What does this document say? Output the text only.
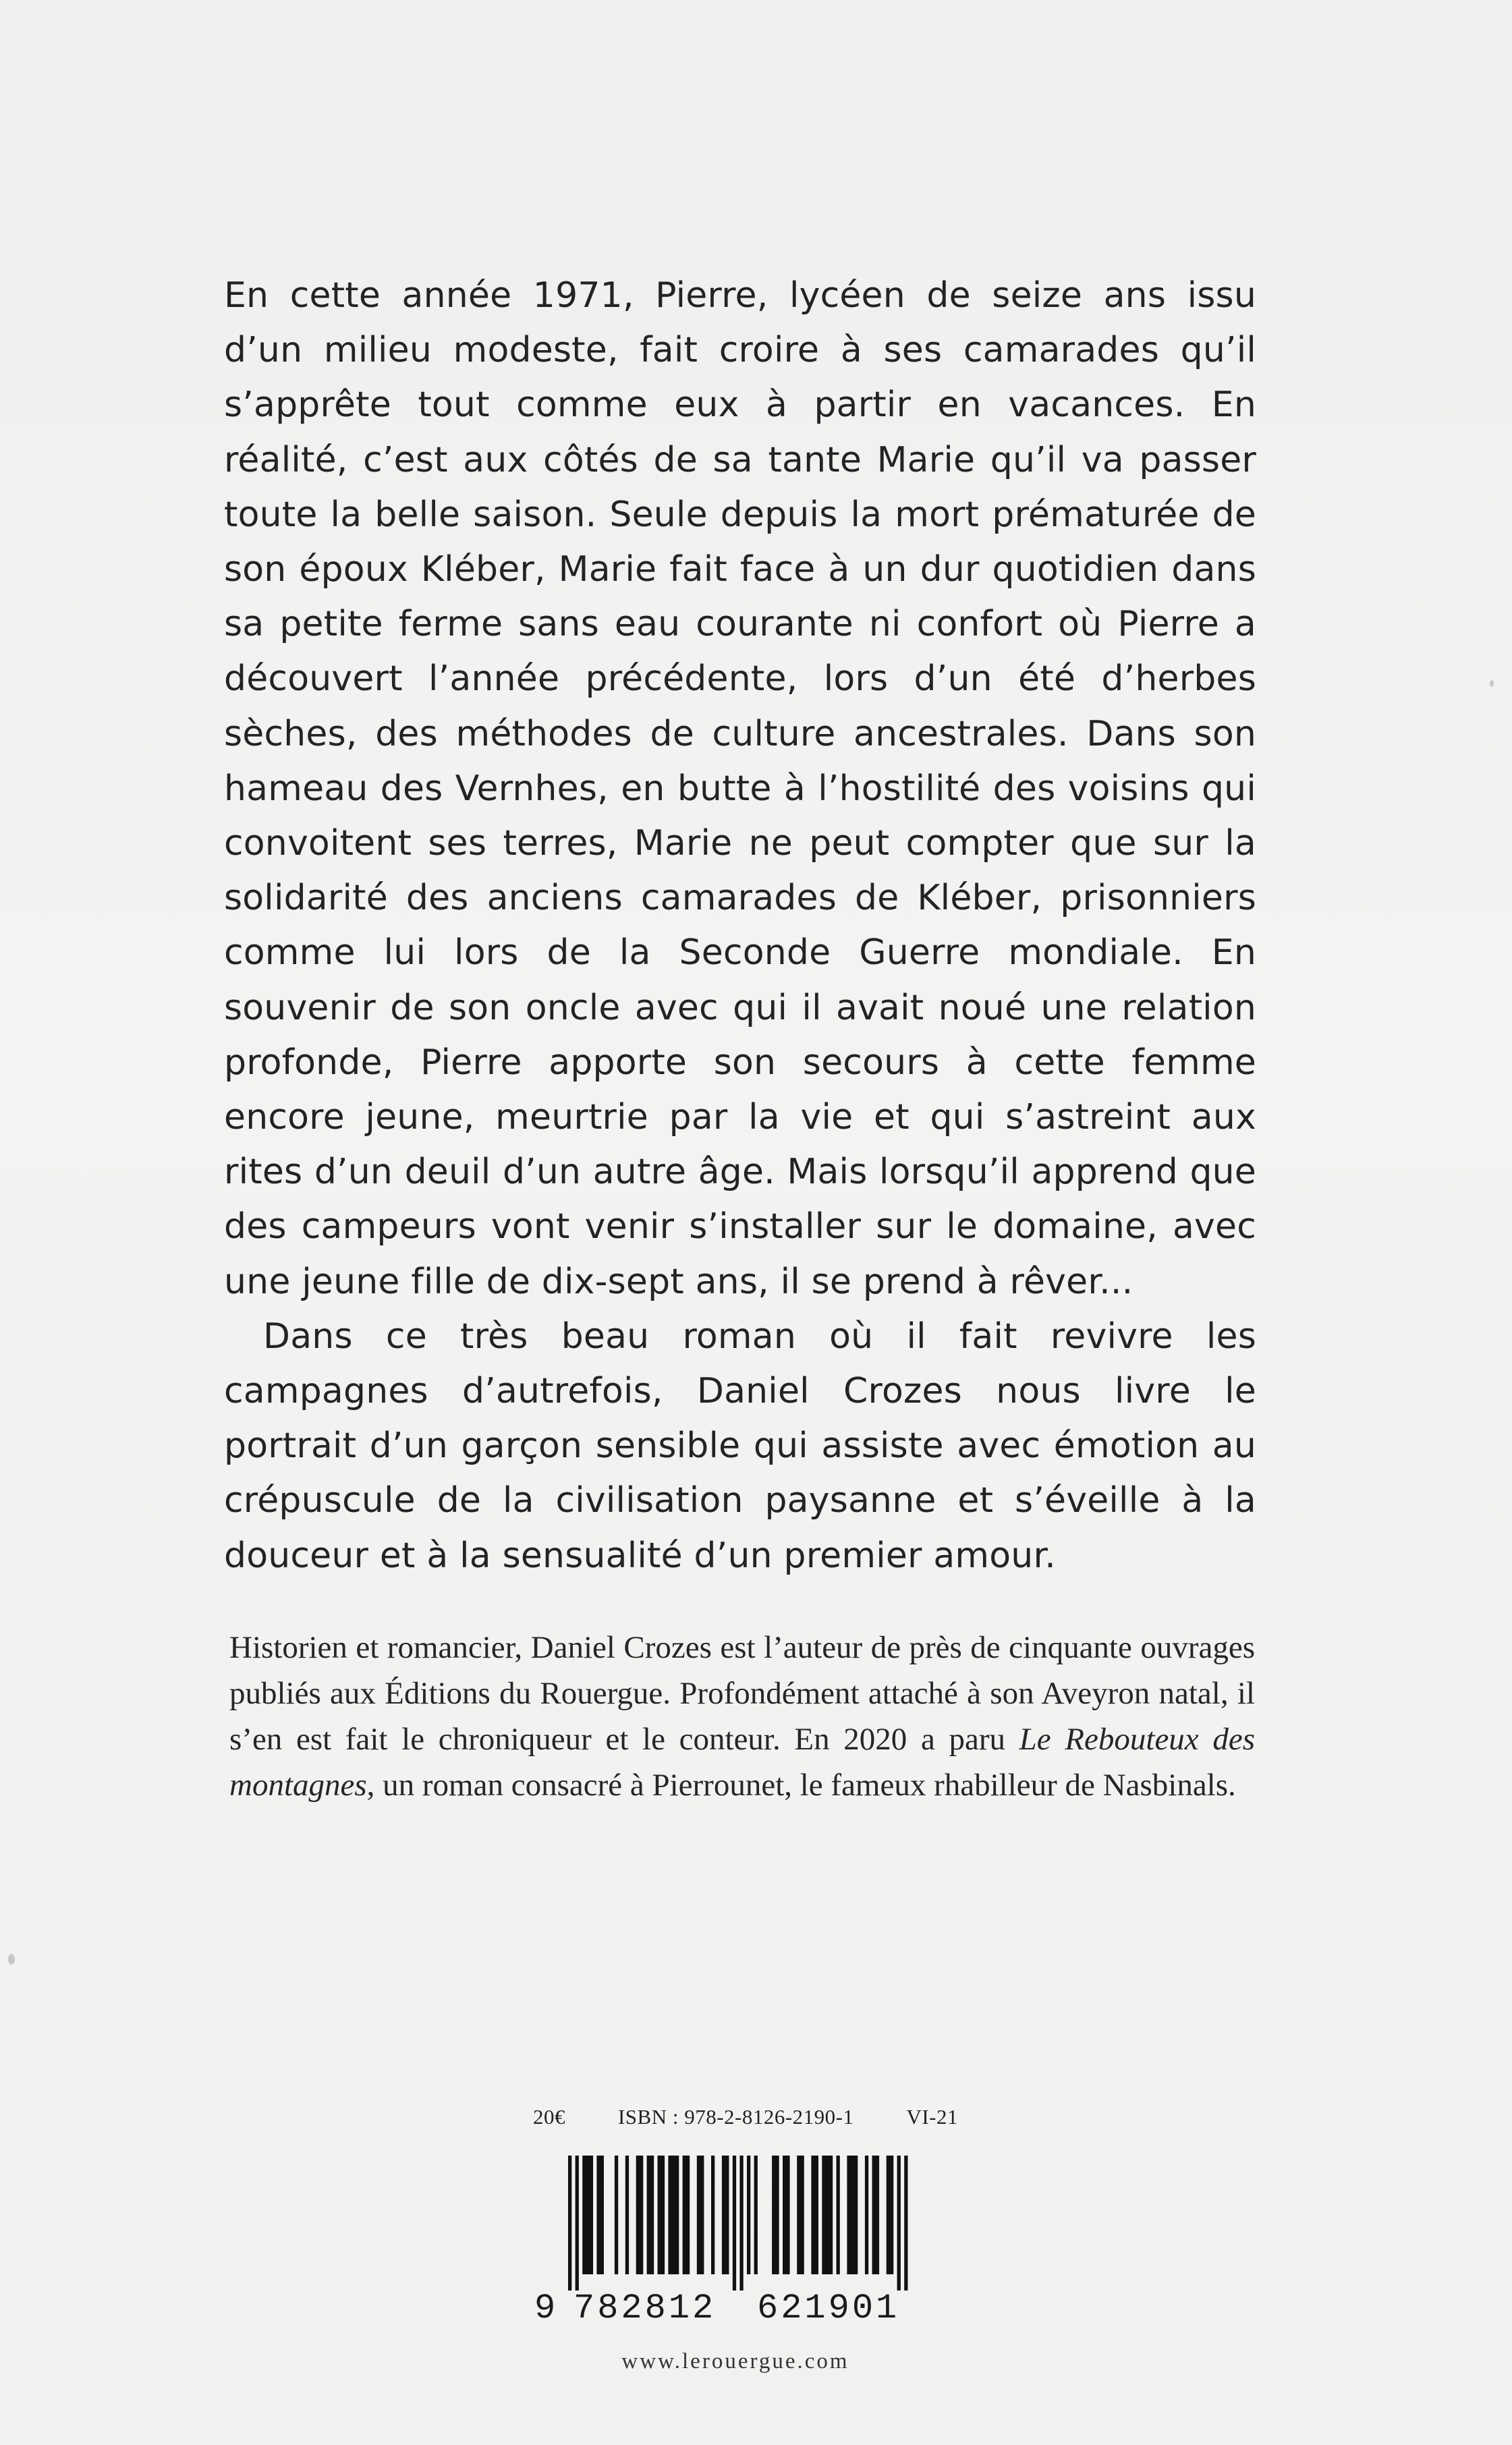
En cette année 1971, Pierre, lycéen de seize ans issu d’un milieu modeste, fait croire à ses camarades qu’il s’apprête tout comme eux à partir en vacances. En réalité, c’est aux côtés de sa tante Marie qu’il va passer toute la belle saison. Seule depuis la mort prématurée de son époux Kléber, Marie fait face à un dur quotidien dans sa petite ferme sans eau courante ni confort où Pierre a découvert l’année précédente, lors d’un été d’herbes sèches, des méthodes de culture ancestrales. Dans son hameau des Vernhes, en butte à l’hostilité des voisins qui convoitent ses terres, Marie ne peut compter que sur la solidarité des anciens camarades de Kléber, prisonniers comme lui lors de la Seconde Guerre mondiale. En souvenir de son oncle avec qui il avait noué une relation profonde, Pierre apporte son secours à cette femme encore jeune, meurtrie par la vie et qui s’astreint aux rites d’un deuil d’un autre âge. Mais lorsqu’il apprend que des campeurs vont venir s’installer sur le domaine, avec une jeune fille de dix-sept ans, il se prend à rêver...

Dans ce très beau roman où il fait revivre les campagnes d’autrefois, Daniel Crozes nous livre le portrait d’un garçon sensible qui assiste avec émotion au crépuscule de la civilisation paysanne et s’éveille à la douceur et à la sensualité d’un premier amour.

Historien et romancier, Daniel Crozes est l’auteur de près de cinquante ouvrages publiés aux Éditions du Rouergue. Profondément attaché à son Aveyron natal, il s’en est fait le chroniqueur et le conteur. En 2020 a paru Le Rebouteux des montagnes, un roman consacré à Pierrounet, le fameux rhabilleur de Nasbinals.

20€	ISBN : 978-2-8126-2190-1	VI-21
9 782812 621901
www.lerouergue.com
